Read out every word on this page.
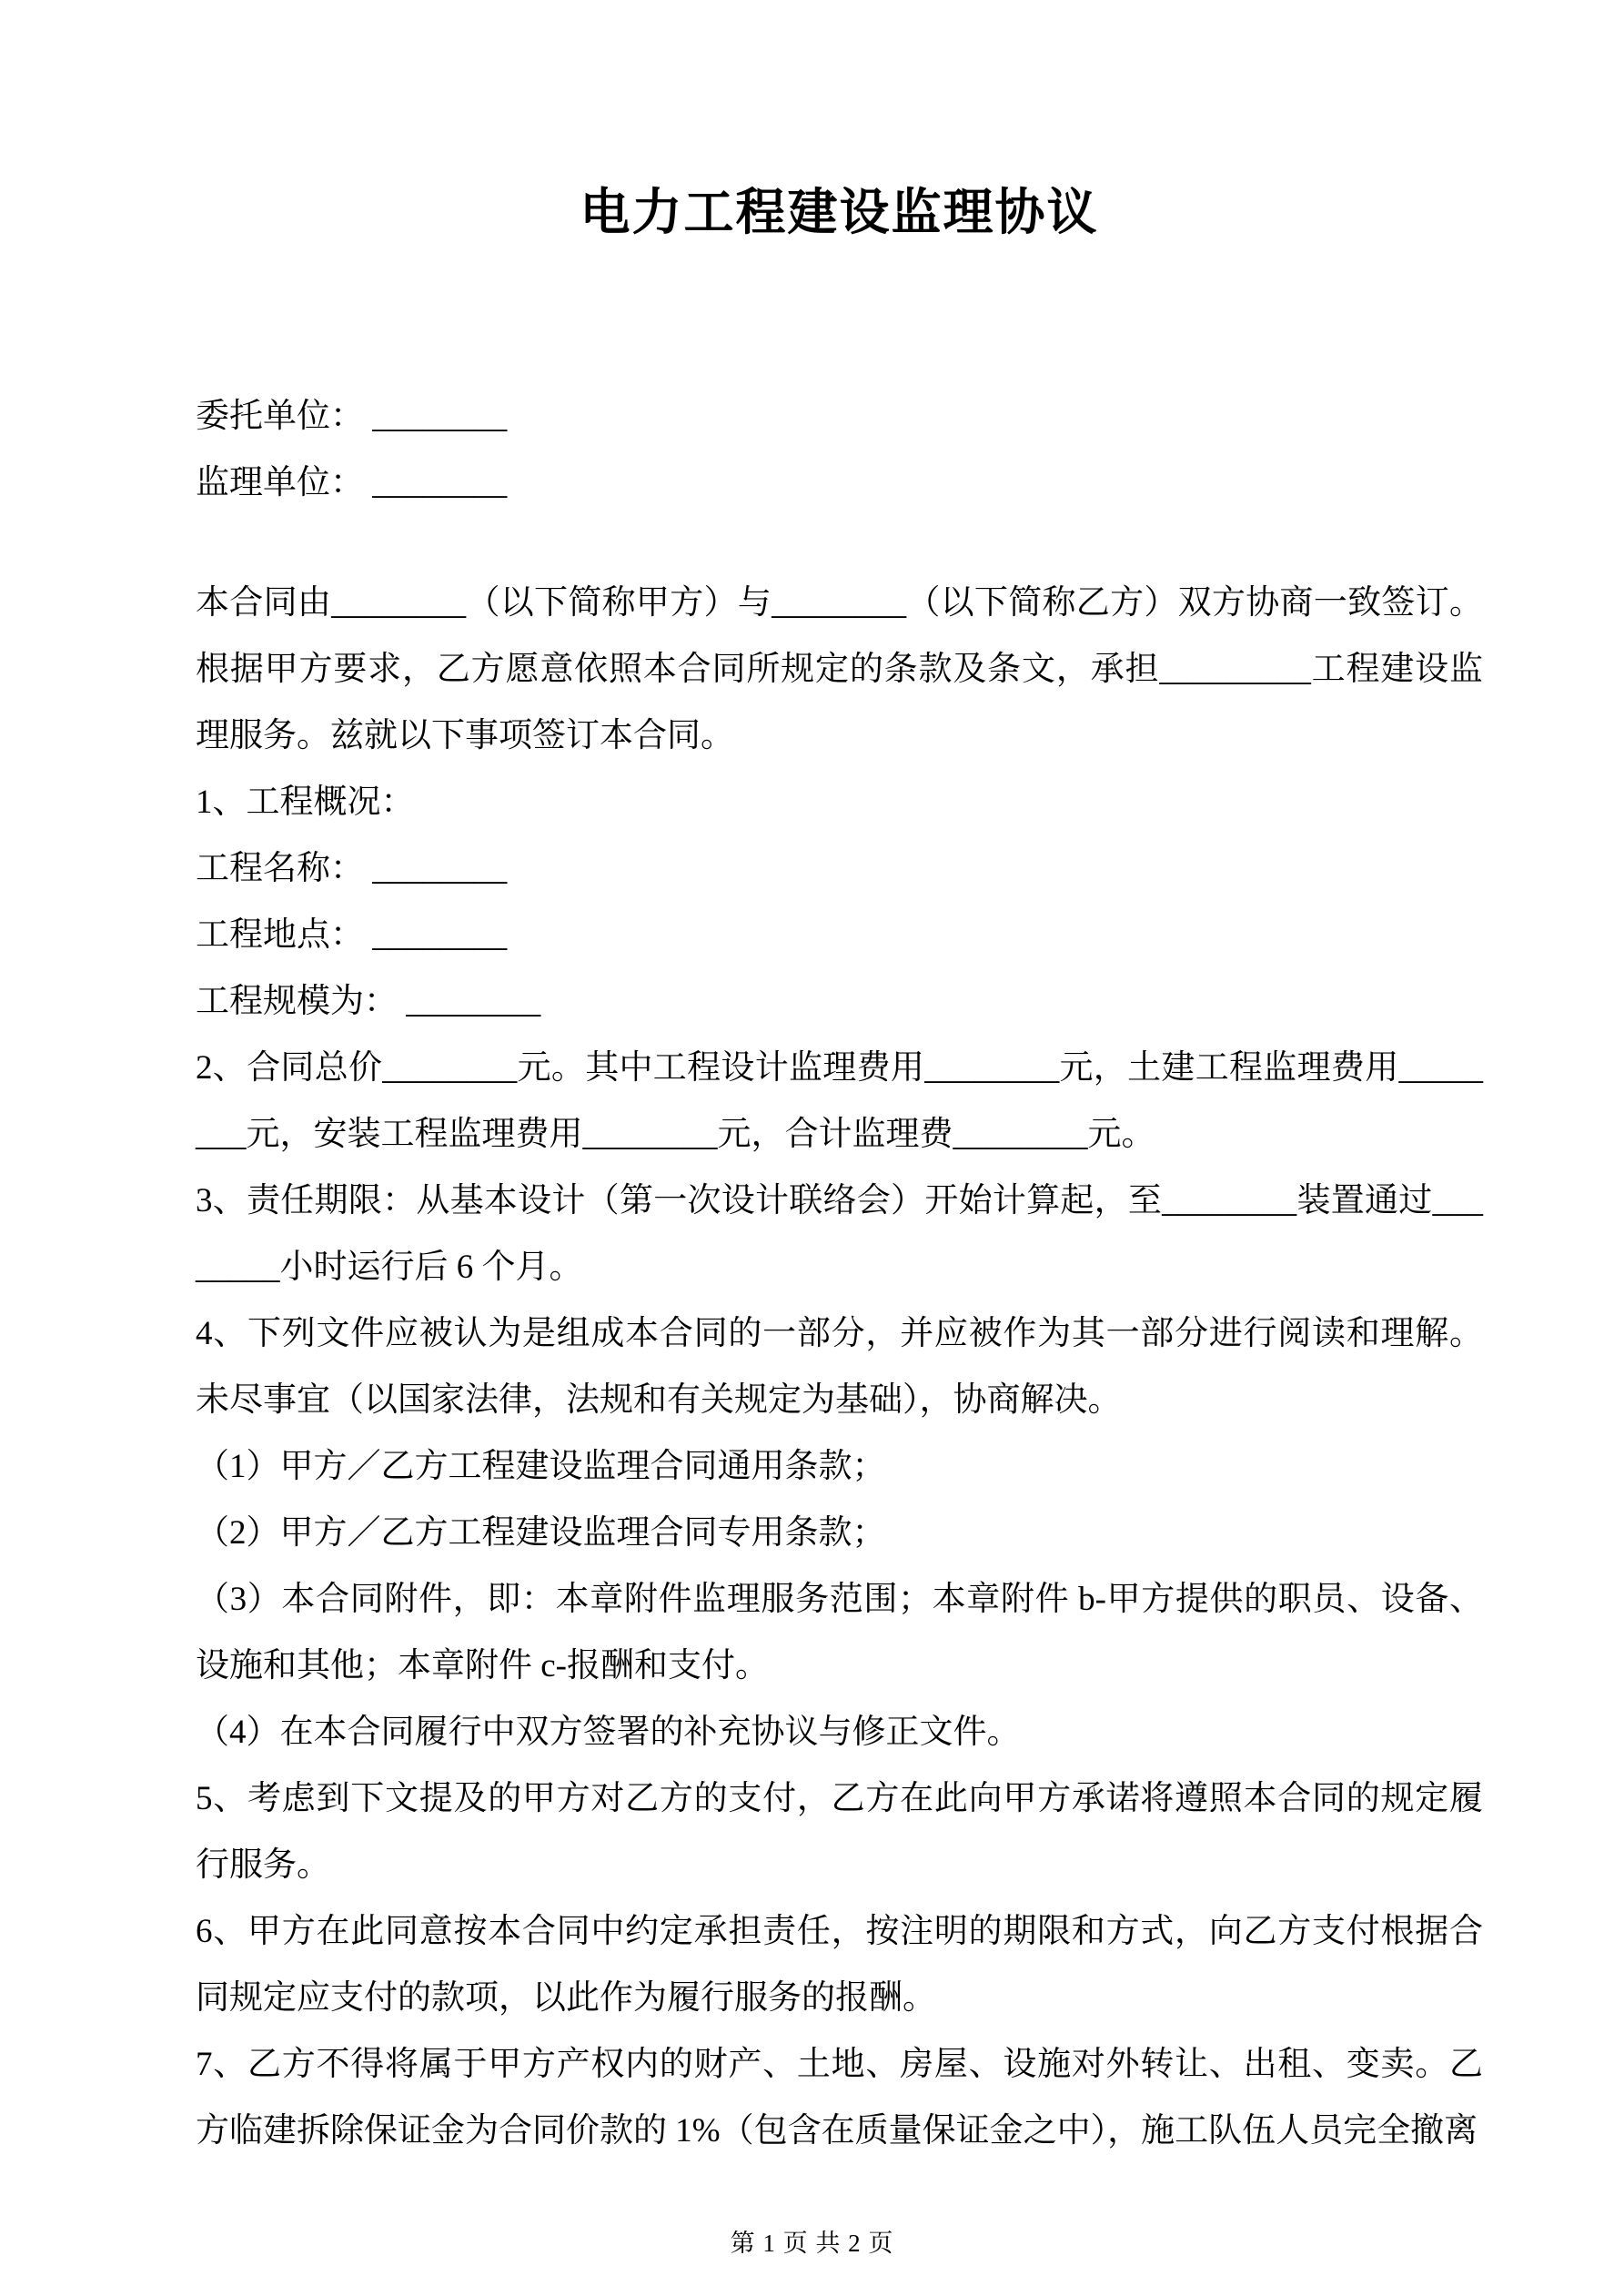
电力工程建设监理协议

委托单位： ________

监理单位： ________

本合同由________（以下简称甲方）与________（以下简称乙方）双方协商一致签订。根据甲方要求，乙方愿意依照本合同所规定的条款及条文，承担_________工程建设监理服务。兹就以下事项签订本合同。

1、工程概况：

工程名称： ________

工程地点： ________

工程规模为： ________

2、合同总价________元。其中工程设计监理费用________元，土建工程监理费用________元，安装工程监理费用________元，合计监理费________元。

3、责任期限：从基本设计（第一次设计联络会）开始计算起，至________装置通过________小时运行后 6 个月。

4、下列文件应被认为是组成本合同的一部分，并应被作为其一部分进行阅读和理解。未尽事宜（以国家法律，法规和有关规定为基础），协商解决。

（1）甲方／乙方工程建设监理合同通用条款；

（2）甲方／乙方工程建设监理合同专用条款；

（3）本合同附件，即：本章附件监理服务范围；本章附件 b-甲方提供的职员、设备、设施和其他；本章附件 c-报酬和支付。

（4）在本合同履行中双方签署的补充协议与修正文件。

5、考虑到下文提及的甲方对乙方的支付，乙方在此向甲方承诺将遵照本合同的规定履行服务。

6、甲方在此同意按本合同中约定承担责任，按注明的期限和方式，向乙方支付根据合同规定应支付的款项，以此作为履行服务的报酬。

7、乙方不得将属于甲方产权内的财产、土地、房屋、设施对外转让、出租、变卖。乙方临建拆除保证金为合同价款的 1%（包含在质量保证金之中），施工队伍人员完全撤离

第 1 页 共 2 页
